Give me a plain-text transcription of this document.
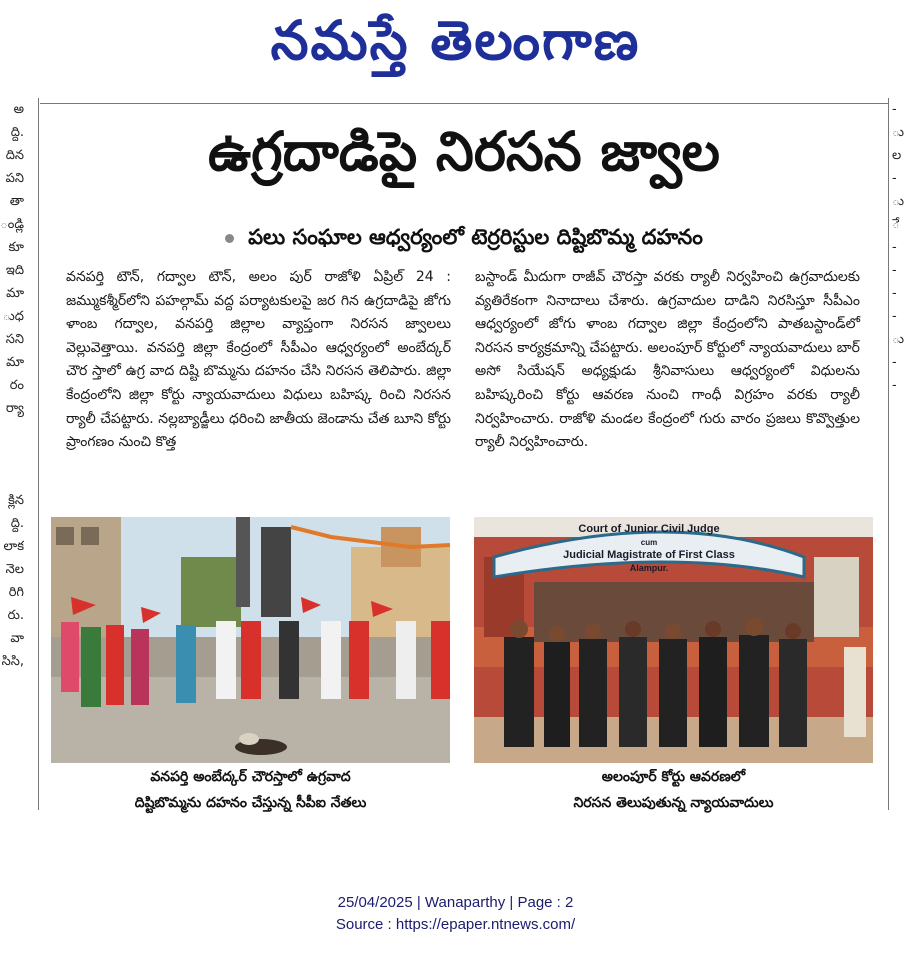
నమస్తే తెలంగాణ
అ
ద్ది.
దిన
పని
తా
ండ్లి
కూ
ఇది
మా
ుధ
సని
మా
రం
ర్యా

క్లిన
ద్ది.
లాక
నెల
రిగి
రు.
వా
సిసి,
-
ు
ల
-
ు
ే
-
-
-
-
ు
-
-

ఉగ్రదాడిపై నిరసన జ్వాల
పలు సంఘాల ఆధ్వర్యంలో టెర్రరిస్టుల దిష్టిబొమ్మ దహనం
వనపర్తి టౌన్, గద్వాల టౌన్, అలం పుర్ రాజోళి ఏప్రిల్ 24 : జమ్ముకశ్మీర్‌లోని పహల్గామ్ వద్ద పర్యాటకులపై జర గిన ఉగ్రదాడిపై జోగు ళాంబ గద్వాల, వనపర్తి జిల్లాల వ్యాప్తంగా నిరసన జ్వాలలు వెల్లువెత్తాయి. వనపర్తి జిల్లా కేంద్రంలో సీపీఎం ఆధ్వర్యంలో అంబేద్కర్ చౌర స్తాలో ఉగ్ర వాద దిష్టి బొమ్మను దహనం చేసి నిరసన తెలిపారు. జిల్లా కేంద్రంలోని జిల్లా కోర్టు న్యాయవాదులు విధులు బహిష్క రించి నిరసన ర్యాలీ చేపట్టారు. నల్లబ్యాడ్జీలు ధరించి జాతీయ జెండాను చేత బూని కోర్టు ప్రాంగణం నుంచి కొత్త
బస్టాండ్ మీదుగా రాజీవ్ చౌరస్తా వరకు ర్యాలీ నిర్వహించి ఉగ్రవాదులకు వ్యతిరేకంగా నినాదాలు చేశారు. ఉగ్రవాదుల దాడిని నిరసిస్తూ సీపీఎం ఆధ్వర్యంలో జోగు ళాంబ గద్వాల జిల్లా కేంద్రంలోని పాతబస్టాండ్‌లో నిరసన కార్యక్రమాన్ని చేపట్టారు. అలంపూర్ కోర్టులో న్యాయవాదులు బార్ అసో సియేషన్ అధ్యక్షుడు శ్రీనివాసులు ఆధ్వర్యంలో విధులను బహిష్కరించి కోర్టు ఆవరణ నుంచి గాంధీ విగ్రహం వరకు ర్యాలీ నిర్వహించారు. రాజోళి మండల కేంద్రంలో గురు వారం ప్రజలు కొవ్వొత్తుల ర్యాలీ నిర్వహించారు.
వనపర్తి అంబేద్కర్ చౌరస్తాలో ఉగ్రవాద
దిష్టిబొమ్మను దహనం చేస్తున్న సీపీఐ నేతలు
Court of Junior Civil Judge
cum
Judicial Magistrate of First Class
Alampur.
అలంపూర్ కోర్టు ఆవరణలో
నిరసన తెలుపుతున్న న్యాయవాదులు
25/04/2025 | Wanaparthy | Page : 2
Source : https://epaper.ntnews.com/
